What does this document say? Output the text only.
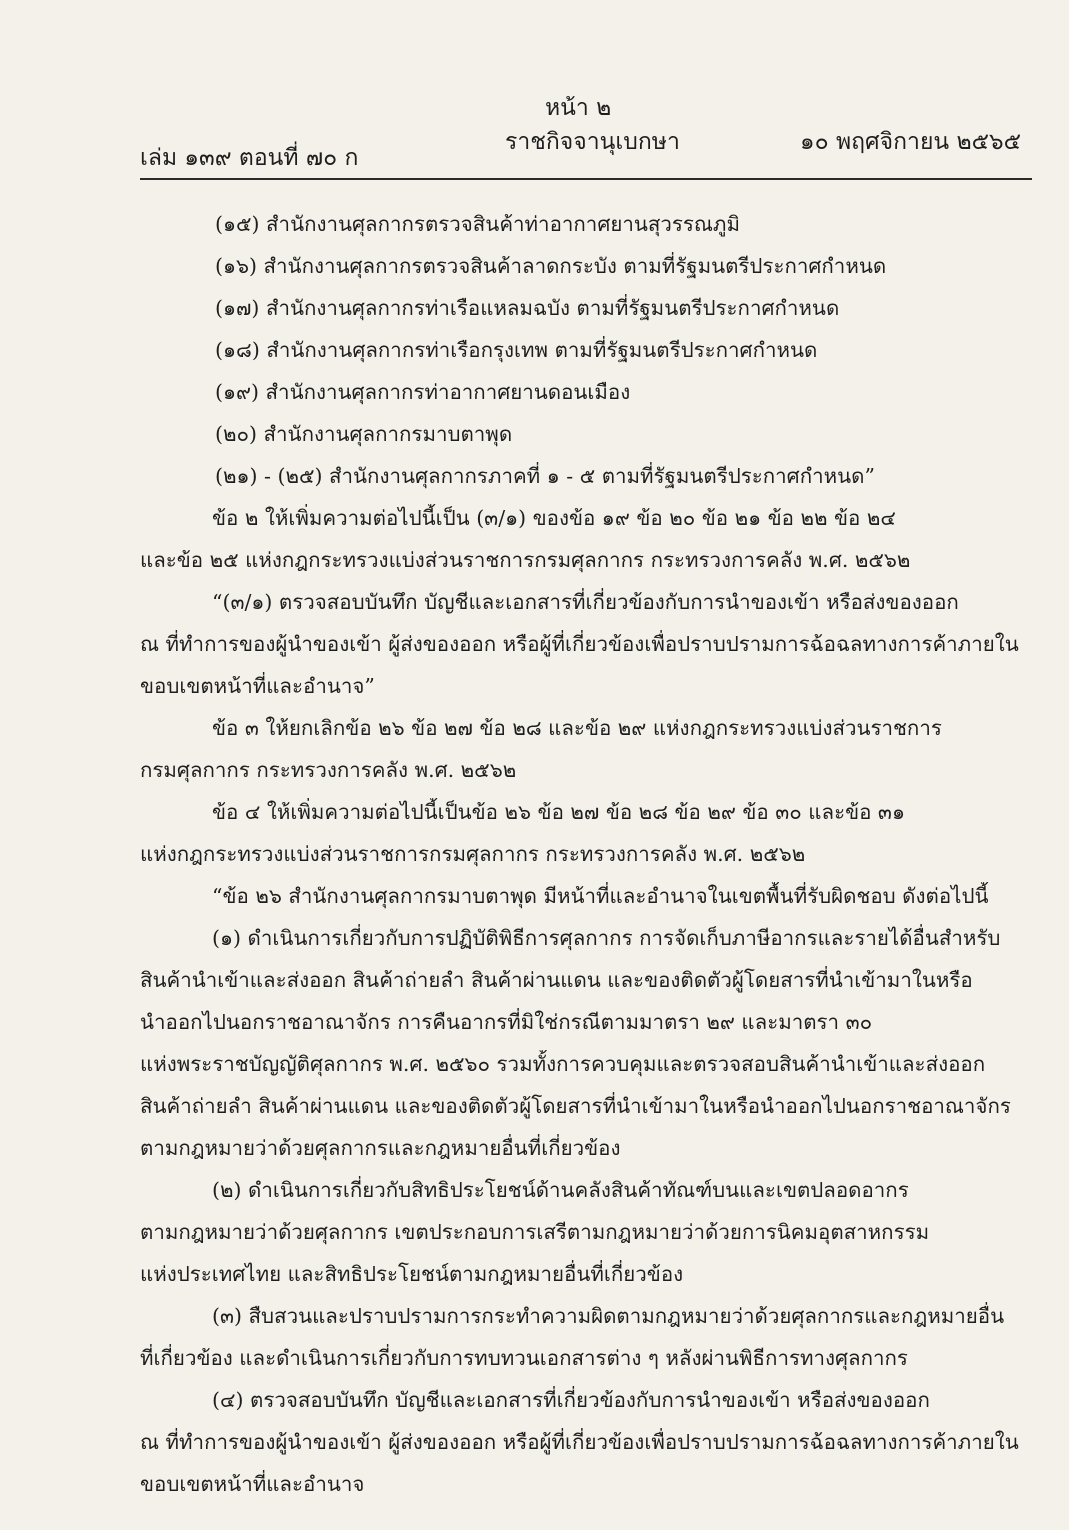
หน้า ๒
เล่ม ๑๓๙ ตอนที่ ๗๐ ก
ราชกิจจานุเบกษา	๑๐ พฤศจิกายน ๒๕๖๕
(๑๕) สำนักงานศุลกากรตรวจสินค้าท่าอากาศยานสุวรรณภูมิ
(๑๖) สำนักงานศุลกากรตรวจสินค้าลาดกระบัง ตามที่รัฐมนตรีประกาศกำหนด
(๑๗) สำนักงานศุลกากรท่าเรือแหลมฉบัง ตามที่รัฐมนตรีประกาศกำหนด
(๑๘) สำนักงานศุลกากรท่าเรือกรุงเทพ ตามที่รัฐมนตรีประกาศกำหนด
(๑๙) สำนักงานศุลกากรท่าอากาศยานดอนเมือง
(๒๐) สำนักงานศุลกากรมาบตาพุด
(๒๑) - (๒๕) สำนักงานศุลกากรภาคที่ ๑ - ๕ ตามที่รัฐมนตรีประกาศกำหนด”
ข้อ ๒ ให้เพิ่มความต่อไปนี้เป็น (๓/๑) ของข้อ ๑๙ ข้อ ๒๐ ข้อ ๒๑ ข้อ ๒๒ ข้อ ๒๔
และข้อ ๒๕ แห่งกฎกระทรวงแบ่งส่วนราชการกรมศุลกากร กระทรวงการคลัง พ.ศ. ๒๕๖๒
“(๓/๑) ตรวจสอบบันทึก บัญชีและเอกสารที่เกี่ยวข้องกับการนำของเข้า หรือส่งของออก
ณ ที่ทำการของผู้นำของเข้า ผู้ส่งของออก หรือผู้ที่เกี่ยวข้องเพื่อปราบปรามการฉ้อฉลทางการค้าภายใน
ขอบเขตหน้าที่และอำนาจ”
ข้อ ๓ ให้ยกเลิกข้อ ๒๖ ข้อ ๒๗ ข้อ ๒๘ และข้อ ๒๙ แห่งกฎกระทรวงแบ่งส่วนราชการ
กรมศุลกากร กระทรวงการคลัง พ.ศ. ๒๕๖๒
ข้อ ๔ ให้เพิ่มความต่อไปนี้เป็นข้อ ๒๖ ข้อ ๒๗ ข้อ ๒๘ ข้อ ๒๙ ข้อ ๓๐ และข้อ ๓๑
แห่งกฎกระทรวงแบ่งส่วนราชการกรมศุลกากร กระทรวงการคลัง พ.ศ. ๒๕๖๒
“ข้อ ๒๖ สำนักงานศุลกากรมาบตาพุด มีหน้าที่และอำนาจในเขตพื้นที่รับผิดชอบ ดังต่อไปนี้
(๑) ดำเนินการเกี่ยวกับการปฏิบัติพิธีการศุลกากร การจัดเก็บภาษีอากรและรายได้อื่นสำหรับ
สินค้านำเข้าและส่งออก สินค้าถ่ายลำ สินค้าผ่านแดน และของติดตัวผู้โดยสารที่นำเข้ามาในหรือ
นำออกไปนอกราชอาณาจักร การคืนอากรที่มิใช่กรณีตามมาตรา ๒๙ และมาตรา ๓๐
แห่งพระราชบัญญัติศุลกากร พ.ศ. ๒๕๖๐ รวมทั้งการควบคุมและตรวจสอบสินค้านำเข้าและส่งออก
สินค้าถ่ายลำ สินค้าผ่านแดน และของติดตัวผู้โดยสารที่นำเข้ามาในหรือนำออกไปนอกราชอาณาจักร
ตามกฎหมายว่าด้วยศุลกากรและกฎหมายอื่นที่เกี่ยวข้อง
(๒) ดำเนินการเกี่ยวกับสิทธิประโยชน์ด้านคลังสินค้าทัณฑ์บนและเขตปลอดอากร
ตามกฎหมายว่าด้วยศุลกากร เขตประกอบการเสรีตามกฎหมายว่าด้วยการนิคมอุตสาหกรรม
แห่งประเทศไทย และสิทธิประโยชน์ตามกฎหมายอื่นที่เกี่ยวข้อง
(๓) สืบสวนและปราบปรามการกระทำความผิดตามกฎหมายว่าด้วยศุลกากรและกฎหมายอื่น
ที่เกี่ยวข้อง และดำเนินการเกี่ยวกับการทบทวนเอกสารต่าง ๆ หลังผ่านพิธีการทางศุลกากร
(๔) ตรวจสอบบันทึก บัญชีและเอกสารที่เกี่ยวข้องกับการนำของเข้า หรือส่งของออก
ณ ที่ทำการของผู้นำของเข้า ผู้ส่งของออก หรือผู้ที่เกี่ยวข้องเพื่อปราบปรามการฉ้อฉลทางการค้าภายใน
ขอบเขตหน้าที่และอำนาจ
